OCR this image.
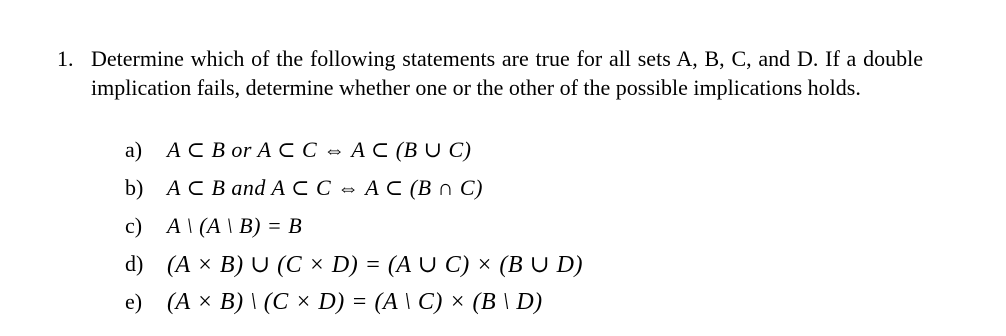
1. Determine which of the following statements are true for all sets A, B, C, and D. If a double implication fails, determine whether one or the other of the possible implications holds.
a)	A ⊂ B or A ⊂ C ⇔ A ⊂ (B ∪ C)
b)	A ⊂ B and A ⊂ C ⇔ A ⊂ (B ∩ C)
c)	A \ (A \ B) = B
d) (A × B) ∪ (C × D) = (A ∪ C) × (B ∪ D)
e)	(A × B) \ (C × D) = (A \ C) × (B \ D)
